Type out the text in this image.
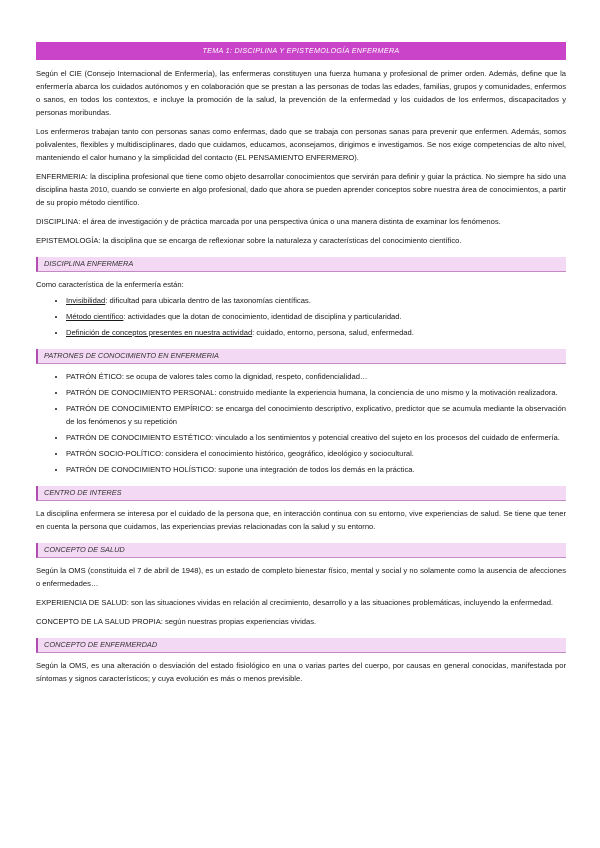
TEMA 1: DISCIPLINA Y EPISTEMOLOGÍA ENFERMERA

Según el CIE (Consejo Internacional de Enfermería), las enfermeras constituyen una fuerza humana y profesional de primer orden. Además, define que la enfermería abarca los cuidados autónomos y en colaboración que se prestan a las personas de todas las edades, familias, grupos y comunidades, enfermos o sanos, en todos los contextos, e incluye la promoción de la salud, la prevención de la enfermedad y los cuidados de los enfermos, discapacitados y personas moribundas.

Los enfermeros trabajan tanto con personas sanas como enfermas, dado que se trabaja con personas sanas para prevenir que enfermen. Además, somos polivalentes, flexibles y multidisciplinares, dado que cuidamos, educamos, aconsejamos, dirigimos e investigamos. Se nos exige competencias de alto nivel, manteniendo el calor humano y la simplicidad del contacto (EL PENSAMIENTO ENFERMERO).

ENFERMERIA: la disciplina profesional que tiene como objeto desarrollar conocimientos que servirán para definir y guiar la práctica. No siempre ha sido una disciplina hasta 2010, cuando se convierte en algo profesional, dado que ahora se pueden aprender conceptos sobre nuestra área de conocimientos, a partir de su propio método científico.

DISCIPLINA: el área de investigación y de práctica marcada por una perspectiva única o una manera distinta de examinar los fenómenos.

EPISTEMOLOGÍA: la disciplina que se encarga de reflexionar sobre la naturaleza y características del conocimiento científico.

DISCIPLINA ENFERMERA

Como característica de la enfermería están:

• Invisibilidad: dificultad para ubicarla dentro de las taxonomías científicas.
• Método científico: actividades que la dotan de conocimiento, identidad de disciplina y particularidad.
• Definición de conceptos presentes en nuestra actividad: cuidado, entorno, persona, salud, enfermedad.
PATRONES DE CONOCIMIENTO EN ENFERMERIA
• PATRÓN ÉTICO: se ocupa de valores tales como la dignidad, respeto, confidencialidad…
• PATRÓN DE CONOCIMIENTO PERSONAL: construido mediante la experiencia humana, la conciencia de uno mismo y la motivación realizadora.
• PATRÓN DE CONOCIMIENTO EMPÍRICO: se encarga del conocimiento descriptivo, explicativo, predictor que se acumula mediante la observación de los fenómenos y su repetición
• PATRÓN DE CONOCIMIENTO ESTÉTICO: vinculado a los sentimientos y potencial creativo del sujeto en los procesos del cuidado de enfermería.
• PATRÓN SOCIO-POLÍTICO: considera el conocimiento histórico, geográfico, ideológico y sociocultural.
• PATRÓN DE CONOCIMIENTO HOLÍSTICO: supone una integración de todos los demás en la práctica.
CENTRO DE INTERES

La disciplina enfermera se interesa por el cuidado de la persona que, en interacción continua con su entorno, vive experiencias de salud. Se tiene que tener en cuenta la persona que cuidamos, las experiencias previas relacionadas con la salud y su entorno.

CONCEPTO DE SALUD

Según la OMS (constituida el 7 de abril de 1948), es un estado de completo bienestar físico, mental y social y no solamente como la ausencia de afecciones o enfermedades…

EXPERIENCIA DE SALUD: son las situaciones vividas en relación al crecimiento, desarrollo y a las situaciones problemáticas, incluyendo la enfermedad.

CONCEPTO DE LA SALUD PROPIA: según nuestras propias experiencias vividas.

CONCEPTO DE ENFERMERDAD

Según la OMS, es una alteración o desviación del estado fisiológico en una o varias partes del cuerpo, por causas en general conocidas, manifestada por síntomas y signos característicos; y cuya evolución es más o menos previsible.
